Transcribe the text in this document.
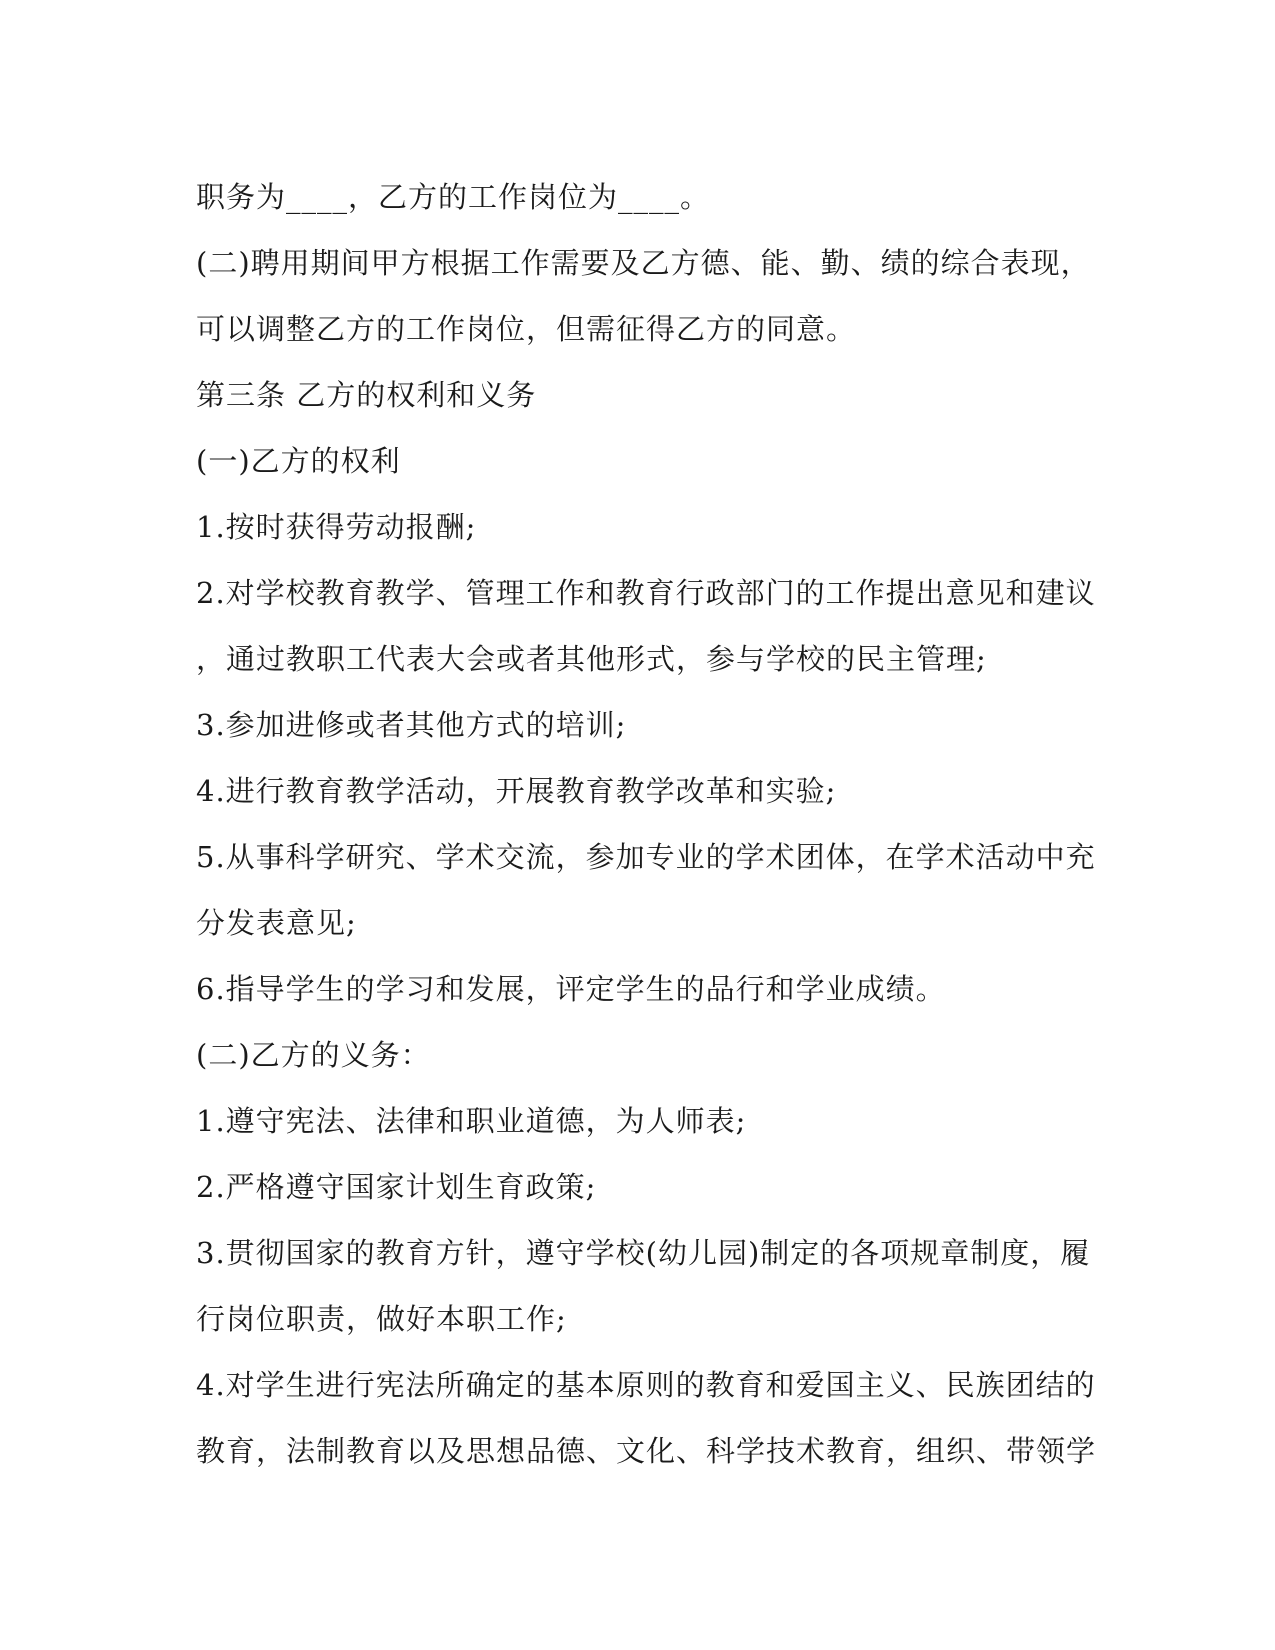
职务为____，乙方的工作岗位为____。
(二)聘用期间甲方根据工作需要及乙方德、能、勤、绩的综合表现，
可以调整乙方的工作岗位，但需征得乙方的同意。
第三条 乙方的权利和义务
(一)乙方的权利
1.按时获得劳动报酬;
2.对学校教育教学、管理工作和教育行政部门的工作提出意见和建议
，通过教职工代表大会或者其他形式，参与学校的民主管理;
3.参加进修或者其他方式的培训;
4.进行教育教学活动，开展教育教学改革和实验;
5.从事科学研究、学术交流，参加专业的学术团体，在学术活动中充
分发表意见;
6.指导学生的学习和发展，评定学生的品行和学业成绩。
(二)乙方的义务：
1.遵守宪法、法律和职业道德，为人师表;
2.严格遵守国家计划生育政策;
3.贯彻国家的教育方针，遵守学校(幼儿园)制定的各项规章制度，履
行岗位职责，做好本职工作;
4.对学生进行宪法所确定的基本原则的教育和爱国主义、民族团结的
教育，法制教育以及思想品德、文化、科学技术教育，组织、带领学
